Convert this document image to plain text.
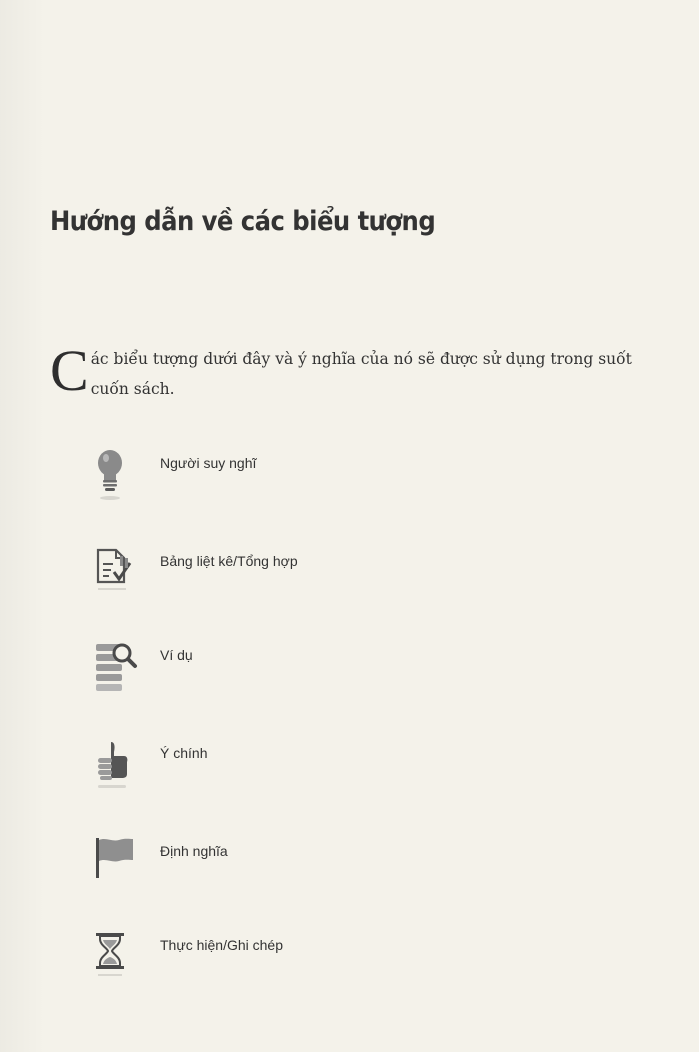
Hướng dẫn về các biểu tượng
C ác biểu tượng dưới đây và ý nghĩa của nó sẽ được sử dụng trong suốt cuốn sách.
Người suy nghĩ
Bảng liệt kê/Tổng hợp
Ví dụ
Ý chính
Định nghĩa
Thực hiện/Ghi chép
